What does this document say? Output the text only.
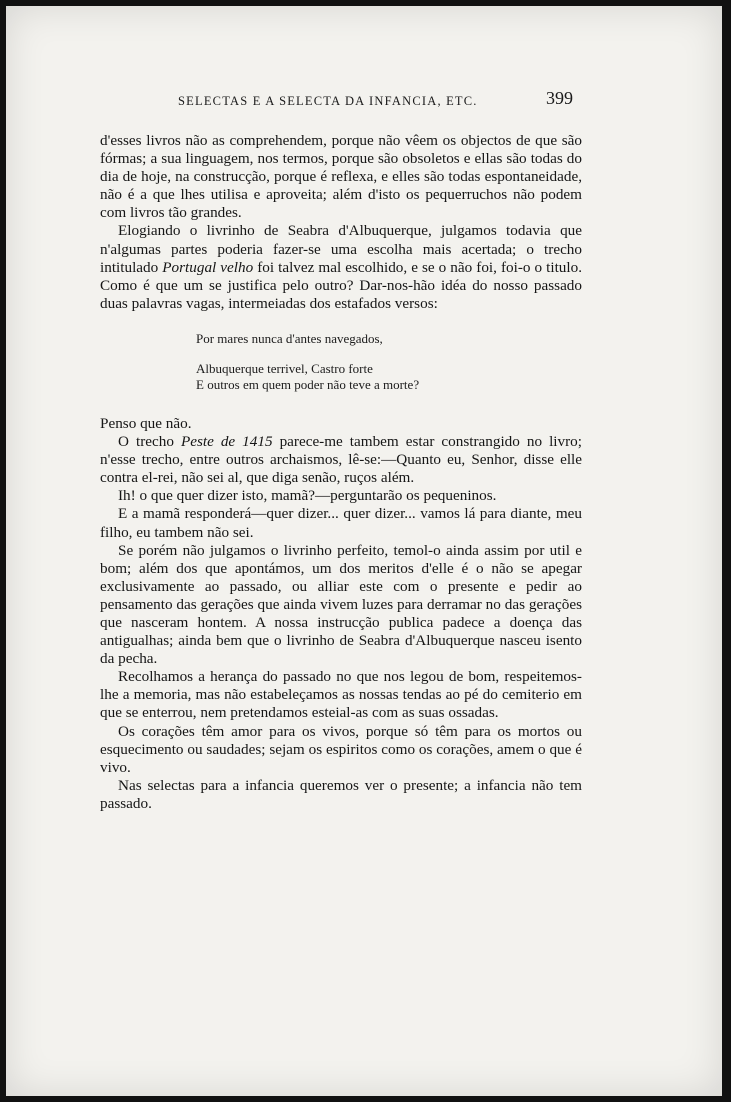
SELECTAS E A SELECTA DA INFANCIA, ETC.	399

d'esses livros não as comprehendem, porque não vêem os objectos de que são fórmas; a sua linguagem, nos termos, porque são obsoletos e ellas são todas do dia de hoje, na construcção, porque é reflexa, e elles são todas espontaneidade, não é a que lhes utilisa e aproveita; além d'isto os pequerruchos não podem com livros tão grandes.

Elogiando o livrinho de Seabra d'Albuquerque, julgamos todavia que n'algumas partes poderia fazer-se uma escolha mais acertada; o trecho intitulado Portugal velho foi talvez mal escolhido, e se o não foi, foi-o o titulo. Como é que um se justifica pelo outro? Dar-nos-hão idéa do nosso passado duas palavras vagas, intermeiadas dos estafados versos:

Por mares nunca d'antes navegados,
Albuquerque terrivel, Castro forte
E outros em quem poder não teve a morte?

Penso que não.

O trecho Peste de 1415 parece-me tambem estar constrangido no livro; n'esse trecho, entre outros archaismos, lê-se:—Quanto eu, Senhor, disse elle contra el-rei, não sei al, que diga senão, ruços além.

Ih! o que quer dizer isto, mamã?—perguntarão os pequeninos.

E a mamã responderá—quer dizer... quer dizer... vamos lá para diante, meu filho, eu tambem não sei.

Se porém não julgamos o livrinho perfeito, temol-o ainda assim por util e bom; além dos que apontámos, um dos meritos d'elle é o não se apegar exclusivamente ao passado, ou alliar este com o presente e pedir ao pensamento das gerações que ainda vivem luzes para derramar no das gerações que nasceram hontem. A nossa instrucção publica padece a doença das antigualhas; ainda bem que o livrinho de Seabra d'Albuquerque nasceu isento da pecha.

Recolhamos a herança do passado no que nos legou de bom, respeitemos-lhe a memoria, mas não estabeleçamos as nossas tendas ao pé do cemiterio em que se enterrou, nem pretendamos esteial-as com as suas ossadas.

Os corações têm amor para os vivos, porque só têm para os mortos ou esquecimento ou saudades; sejam os espiritos como os corações, amem o que é vivo.

Nas selectas para a infancia queremos ver o presente; a infancia não tem passado.
